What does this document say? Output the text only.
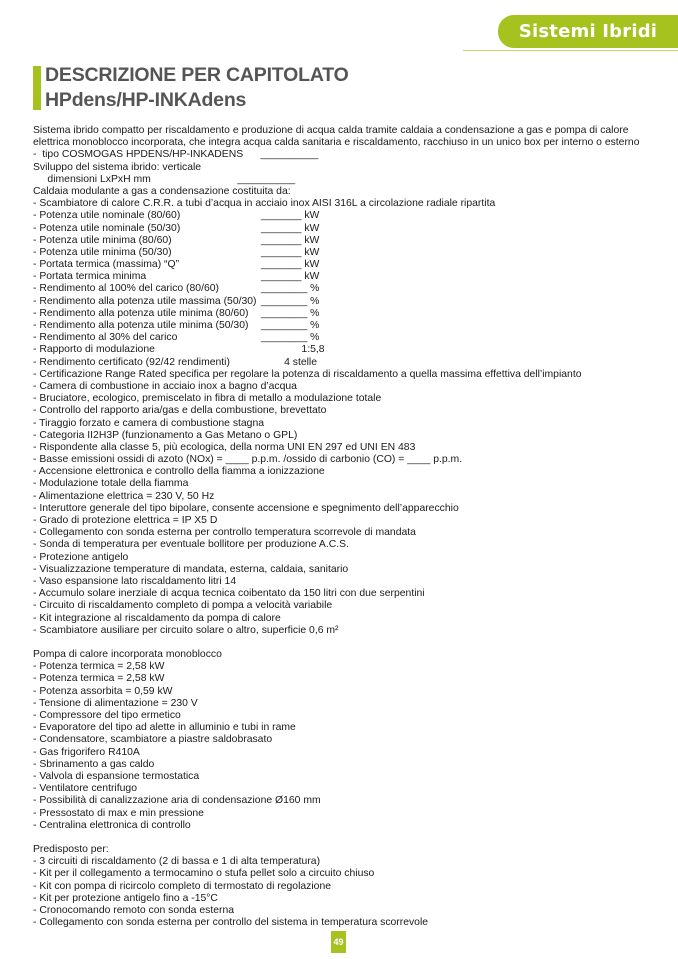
Sistemi Ibridi
DESCRIZIONE PER CAPITOLATO
HPdens/HP-INKAdens
Sistema ibrido compatto per riscaldamento e produzione di acqua calda tramite caldaia a condensazione a gas e pompa di calore elettrica monoblocco incorporata, che integra acqua calda sanitaria e riscaldamento, racchiuso in un unico box per interno o esterno
-  tipo COSMOGAS HPDENS/HP-INKADENS      __________
Sviluppo del sistema ibrido: verticale
dimensioni LxPxH mm                              __________
Caldaia modulante a gas a condensazione costituita da:
- Scambiatore di calore C.R.R. a tubi d’acqua in acciaio inox AISI 316L a circolazione radiale ripartita
- Potenza utile nominale (80/60)	_______ kW
- Potenza utile nominale (50/30)	_______ kW
- Potenza utile minima (80/60)	_______ kW
- Potenza utile minima (50/30)	_______ kW
- Portata termica (massima) “Q”	_______ kW
- Portata termica minima	_______ kW
- Rendimento al 100% del carico (80/60)	________ %
- Rendimento alla potenza utile massima (50/30) ________ %
- Rendimento alla potenza utile minima (80/60) ________ %
- Rendimento alla potenza utile minima (50/30) ________ %
- Rendimento al 30% del carico	________ %
- Rapporto di modulazione	1:5,8
- Rendimento certificato (92/42 rendimenti)	4 stelle
- Certificazione Range Rated specifica per regolare la potenza di riscaldamento a quella massima effettiva dell’impianto
- Camera di combustione in acciaio inox a bagno d’acqua
- Bruciatore, ecologico, premiscelato in fibra di metallo a modulazione totale
- Controllo del rapporto aria/gas e della combustione, brevettato
- Tiraggio forzato e camera di combustione stagna
- Categoria II2H3P (funzionamento a Gas Metano o GPL)
- Rispondente alla classe 5, più ecologica, della norma UNI EN 297 ed UNI EN 483
- Basse emissioni ossidi di azoto (NOx) = ____ p.p.m. /ossido di carbonio (CO) = ____ p.p.m.
- Accensione elettronica e controllo della fiamma a ionizzazione
- Modulazione totale della fiamma
- Alimentazione elettrica = 230 V, 50 Hz
- Interuttore generale del tipo bipolare, consente accensione e spegnimento dell’apparecchio
- Grado di protezione elettrica = IP X5 D
- Collegamento con sonda esterna per controllo temperatura scorrevole di mandata
- Sonda di temperatura per eventuale bollitore per produzione A.C.S.
- Protezione antigelo
- Visualizzazione temperature di mandata, esterna, caldaia, sanitario
- Vaso espansione lato riscaldamento litri 14
- Accumulo solare inerziale di acqua tecnica coibentato da 150 litri con due serpentini
- Circuito di riscaldamento completo di pompa a velocità variabile
- Kit integrazione al riscaldamento da pompa di calore
- Scambiatore ausiliare per circuito solare o altro, superficie 0,6 m²
Pompa di calore incorporata monoblocco
- Potenza termica = 2,58 kW
- Potenza termica = 2,58 kW
- Potenza assorbita = 0,59 kW
- Tensione di alimentazione = 230 V
- Compressore del tipo ermetico
- Evaporatore del tipo ad alette in alluminio e tubi in rame
- Condensatore, scambiatore a piastre saldobrasato
- Gas frigorifero R410A
- Sbrinamento a gas caldo
- Valvola di espansione termostatica
- Ventilatore centrifugo
- Possibilità di canalizzazione aria di condensazione Ø160 mm
- Pressostato di max e min pressione
- Centralina elettronica di controllo
Predisposto per:
- 3 circuiti di riscaldamento (2 di bassa e 1 di alta temperatura)
- Kit per il collegamento a termocamino o stufa pellet solo a circuito chiuso
- Kit con pompa di ricircolo completo di termostato di regolazione
- Kit per protezione antigelo fino a -15°C
- Cronocomando remoto con sonda esterna
- Collegamento con sonda esterna per controllo del sistema in temperatura scorrevole
49
